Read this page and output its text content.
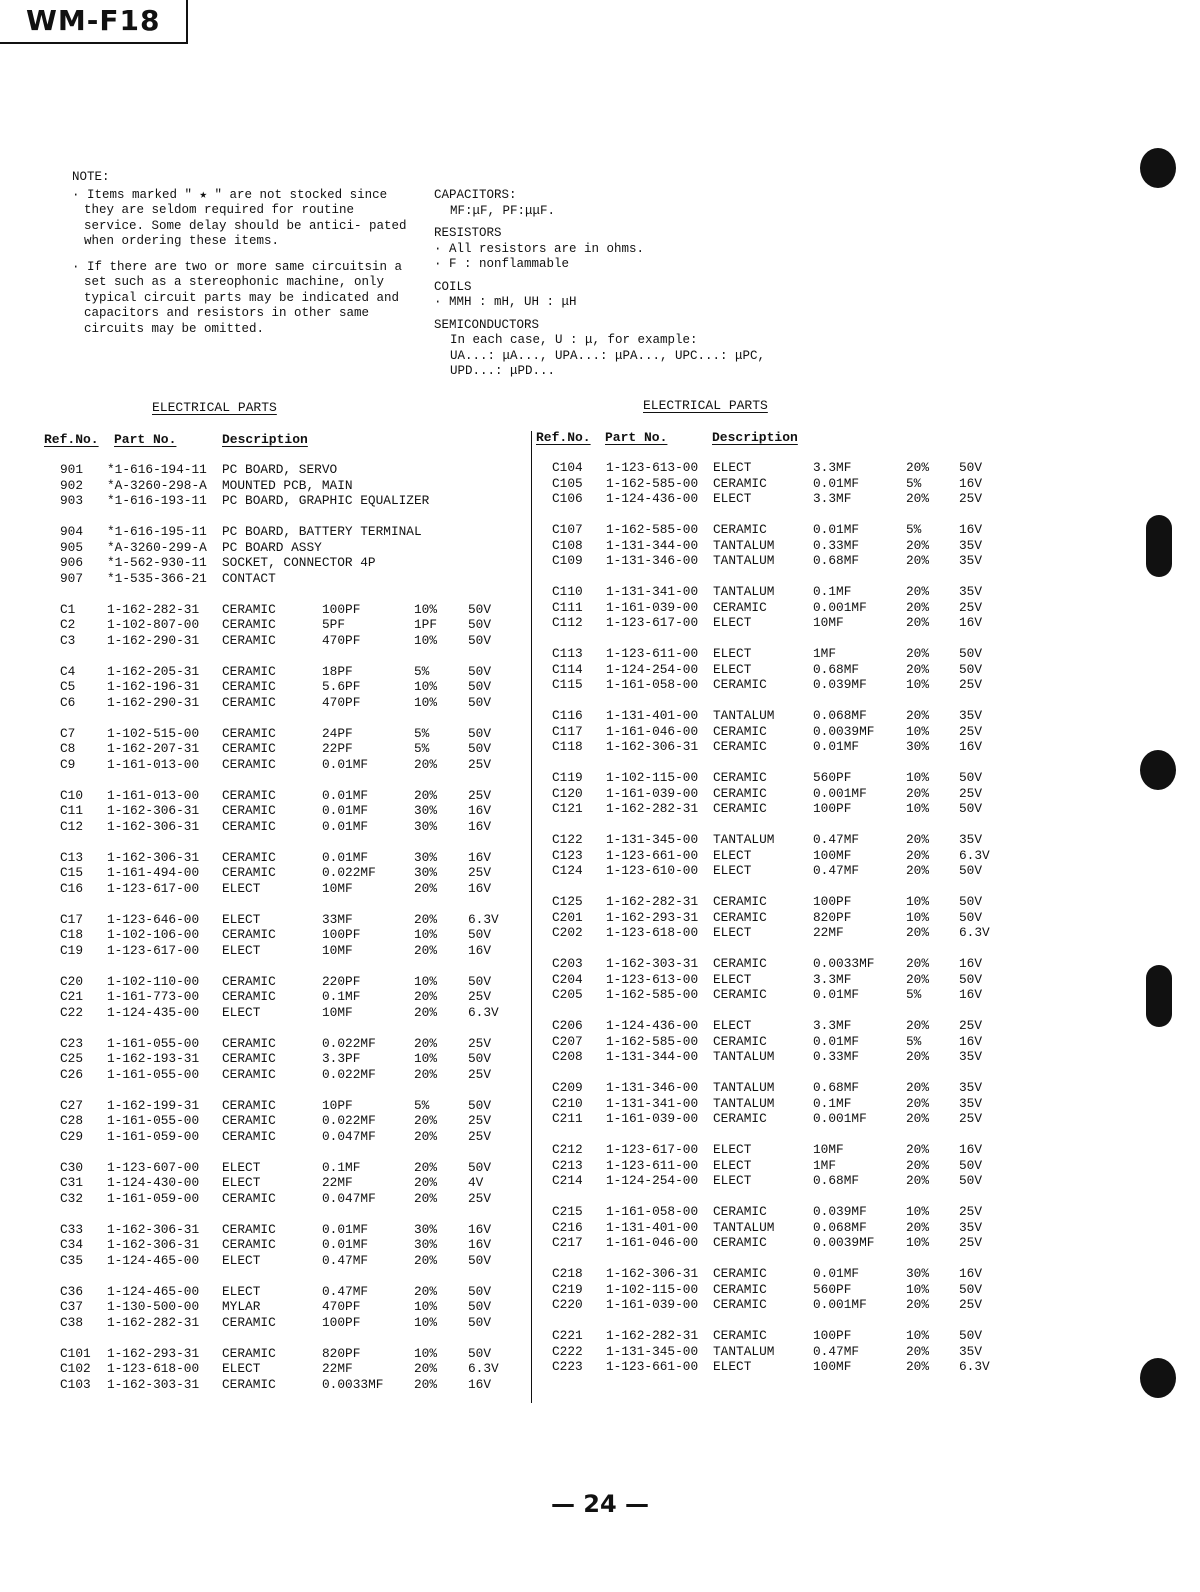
WM-F18
NOTE:

· Items marked " ★ " are not stocked since they are seldom required for routine service. Some delay should be antici- pated when ordering these items.

· If there are two or more same circuitsin a set such as a stereophonic machine, only typical circuit parts may be indicated and capacitors and resistors in other same circuits may be omitted.

CAPACITORS:
MF:μF, PF:μμF.
RESISTORS
· All resistors are in ohms.
· F : nonflammable
COILS
· MMH : mH, UH : μH
SEMICONDUCTORS
In each case, U : μ, for example:
UA...: μA..., UPA...: μPA..., UPC...: μPC,
UPD...: μPD...
ELECTRICAL PARTS	ELECTRICAL PARTS
Ref.No. Part No.	Description	Ref.No. Part No.	Description
901 *1-616-194-11 PC BOARD, SERVO
902 *A-3260-298-A MOUNTED PCB, MAIN
903 *1-616-193-11 PC BOARD, GRAPHIC EQUALIZER
904 *1-616-195-11 PC BOARD, BATTERY TERMINAL
905 *A-3260-299-A PC BOARD ASSY
906 *1-562-930-11 SOCKET, CONNECTOR 4P
907 *1-535-366-21 CONTACT
C1 1-162-282-31 CERAMIC	100PF	10% 50V
C2 1-102-807-00 CERAMIC	5PF	1PF 50V
C3 1-162-290-31 CERAMIC	470PF	10% 50V
C4 1-162-205-31 CERAMIC	18PF	5%	50V
C5 1-162-196-31 CERAMIC	5.6PF	10% 50V
C6 1-162-290-31 CERAMIC	470PF	10% 50V
C7 1-102-515-00 CERAMIC	24PF	5%	50V
C8 1-162-207-31 CERAMIC	22PF	5%	50V
C9 1-161-013-00 CERAMIC	0.01MF	20% 25V
C10 1-161-013-00 CERAMIC	0.01MF	20% 25V
C11 1-162-306-31 CERAMIC	0.01MF	30% 16V
C12 1-162-306-31 CERAMIC	0.01MF	30% 16V
C13 1-162-306-31 CERAMIC	0.01MF	30% 16V
C15 1-161-494-00 CERAMIC	0.022MF	30% 25V
C16 1-123-617-00 ELECT	10MF	20% 16V
C17 1-123-646-00 ELECT	33MF	20% 6.3V
C18 1-102-106-00 CERAMIC	100PF	10% 50V
C19 1-123-617-00 ELECT	10MF	20% 16V
C20 1-102-110-00 CERAMIC	220PF	10% 50V
C21 1-161-773-00 CERAMIC	0.1MF	20% 25V
C22 1-124-435-00 ELECT	10MF	20% 6.3V
C23 1-161-055-00 CERAMIC	0.022MF	20% 25V
C25 1-162-193-31 CERAMIC	3.3PF	10% 50V
C26 1-161-055-00 CERAMIC	0.022MF	20% 25V
C27 1-162-199-31 CERAMIC	10PF	5%	50V
C28 1-161-055-00 CERAMIC	0.022MF	20% 25V
C29 1-161-059-00 CERAMIC	0.047MF	20% 25V
C30 1-123-607-00 ELECT	0.1MF	20% 50V
C31 1-124-430-00 ELECT	22MF	20% 4V
C32 1-161-059-00 CERAMIC	0.047MF	20% 25V
C33 1-162-306-31 CERAMIC	0.01MF	30% 16V
C34 1-162-306-31 CERAMIC	0.01MF	30% 16V
C35 1-124-465-00 ELECT	0.47MF	20% 50V
C36 1-124-465-00 ELECT	0.47MF	20% 50V
C37 1-130-500-00 MYLAR	470PF	10% 50V
C38 1-162-282-31 CERAMIC	100PF	10% 50V
C101 1-162-293-31 CERAMIC	820PF	10% 50V
C102 1-123-618-00 ELECT	22MF	20% 6.3V
C103 1-162-303-31 CERAMIC	0.0033MF 20% 16V
C104 1-123-613-00 ELECT	3.3MF	20% 50V
C105 1-162-585-00 CERAMIC	0.01MF	5%	16V
C106 1-124-436-00 ELECT	3.3MF	20% 25V
C107 1-162-585-00 CERAMIC	0.01MF	5%	16V
C108 1-131-344-00 TANTALUM	0.33MF	20% 35V
C109 1-131-346-00 TANTALUM	0.68MF	20% 35V
C110 1-131-341-00 TANTALUM	0.1MF	20% 35V
C111 1-161-039-00 CERAMIC	0.001MF	20% 25V
C112 1-123-617-00 ELECT	10MF	20% 16V
C113 1-123-611-00 ELECT	1MF	20% 50V
C114 1-124-254-00 ELECT	0.68MF	20% 50V
C115 1-161-058-00 CERAMIC	0.039MF	10% 25V
C116 1-131-401-00 TANTALUM	0.068MF	20% 35V
C117 1-161-046-00 CERAMIC	0.0039MF 10% 25V
C118 1-162-306-31 CERAMIC	0.01MF	30% 16V
C119 1-102-115-00 CERAMIC	560PF	10% 50V
C120 1-161-039-00 CERAMIC	0.001MF	20% 25V
C121 1-162-282-31 CERAMIC	100PF	10% 50V
C122 1-131-345-00 TANTALUM	0.47MF	20% 35V
C123 1-123-661-00 ELECT	100MF	20% 6.3V
C124 1-123-610-00 ELECT	0.47MF	20% 50V
C125 1-162-282-31 CERAMIC	100PF	10% 50V
C201 1-162-293-31 CERAMIC	820PF	10% 50V
C202 1-123-618-00 ELECT	22MF	20% 6.3V
C203 1-162-303-31 CERAMIC	0.0033MF 20% 16V
C204 1-123-613-00 ELECT	3.3MF	20% 50V
C205 1-162-585-00 CERAMIC	0.01MF	5%	16V
C206 1-124-436-00 ELECT	3.3MF	20% 25V
C207 1-162-585-00 CERAMIC	0.01MF	5%	16V
C208 1-131-344-00 TANTALUM	0.33MF	20% 35V
C209 1-131-346-00 TANTALUM	0.68MF	20% 35V
C210 1-131-341-00 TANTALUM	0.1MF	20% 35V
C211 1-161-039-00 CERAMIC	0.001MF	20% 25V
C212 1-123-617-00 ELECT	10MF	20% 16V
C213 1-123-611-00 ELECT	1MF	20% 50V
C214 1-124-254-00 ELECT	0.68MF	20% 50V
C215 1-161-058-00 CERAMIC	0.039MF	10% 25V
C216 1-131-401-00 TANTALUM	0.068MF	20% 35V
C217 1-161-046-00 CERAMIC	0.0039MF 10% 25V
C218 1-162-306-31 CERAMIC	0.01MF	30% 16V
C219 1-102-115-00 CERAMIC	560PF	10% 50V
C220 1-161-039-00 CERAMIC	0.001MF	20% 25V
C221 1-162-282-31 CERAMIC	100PF	10% 50V
C222 1-131-345-00 TANTALUM	0.47MF	20% 35V
C223 1-123-661-00 ELECT	100MF	20% 6.3V
— 24 —
